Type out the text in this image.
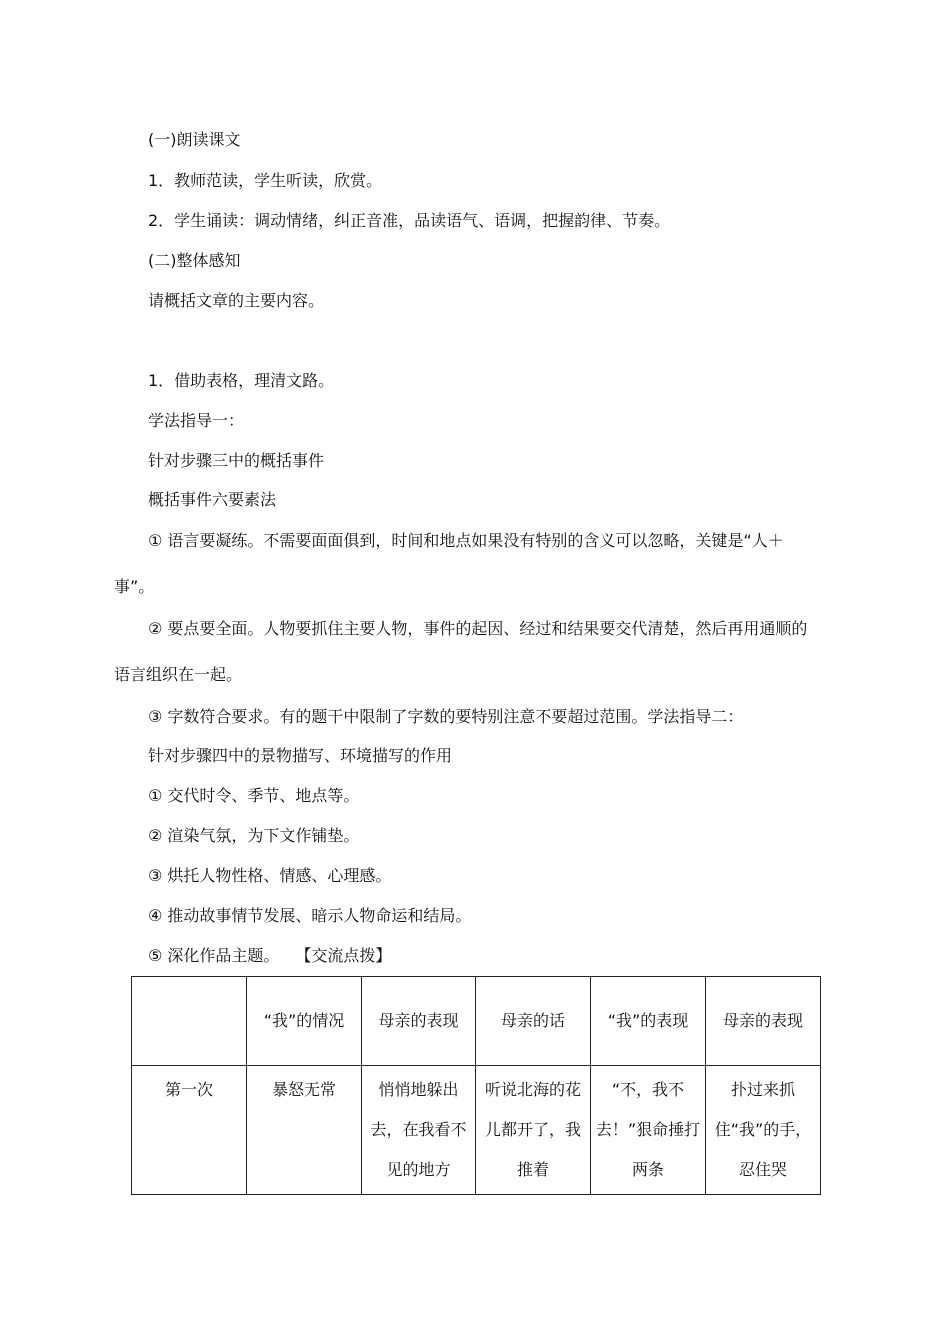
(一)朗读课文
1．教师范读，学生听读，欣赏。
2．学生诵读：调动情绪，纠正音准，品读语气、语调，把握韵律、节奏。
(二)整体感知
请概括文章的主要内容。
1．借助表格，理清文路。
学法指导一：
针对步骤三中的概括事件
概括事件六要素法
① 语言要凝练。不需要面面俱到，时间和地点如果没有特别的含义可以忽略，关键是“人＋
事”。
② 要点要全面。人物要抓住主要人物，事件的起因、经过和结果要交代清楚，然后再用通顺的
语言组织在一起。
③ 字数符合要求。有的题干中限制了字数的要特别注意不要超过范围。学法指导二：
针对步骤四中的景物描写、环境描写的作用
① 交代时令、季节、地点等。
② 渲染气氛，为下文作铺垫。
③ 烘托人物性格、情感、心理感。
④ 推动故事情节发展、暗示人物命运和结局。
⑤ 深化作品主题。　　【交流点拨】
	“我”的情况	母亲的表现	母亲的话	“我”的表现	母亲的表现
第一次	暴怒无常	悄悄地躲出去，在我看不见的地方	听说北海的花儿都开了，我推着	“不，我不去！”狠命捶打两条	扑过来抓住“我”的手，忍住哭
